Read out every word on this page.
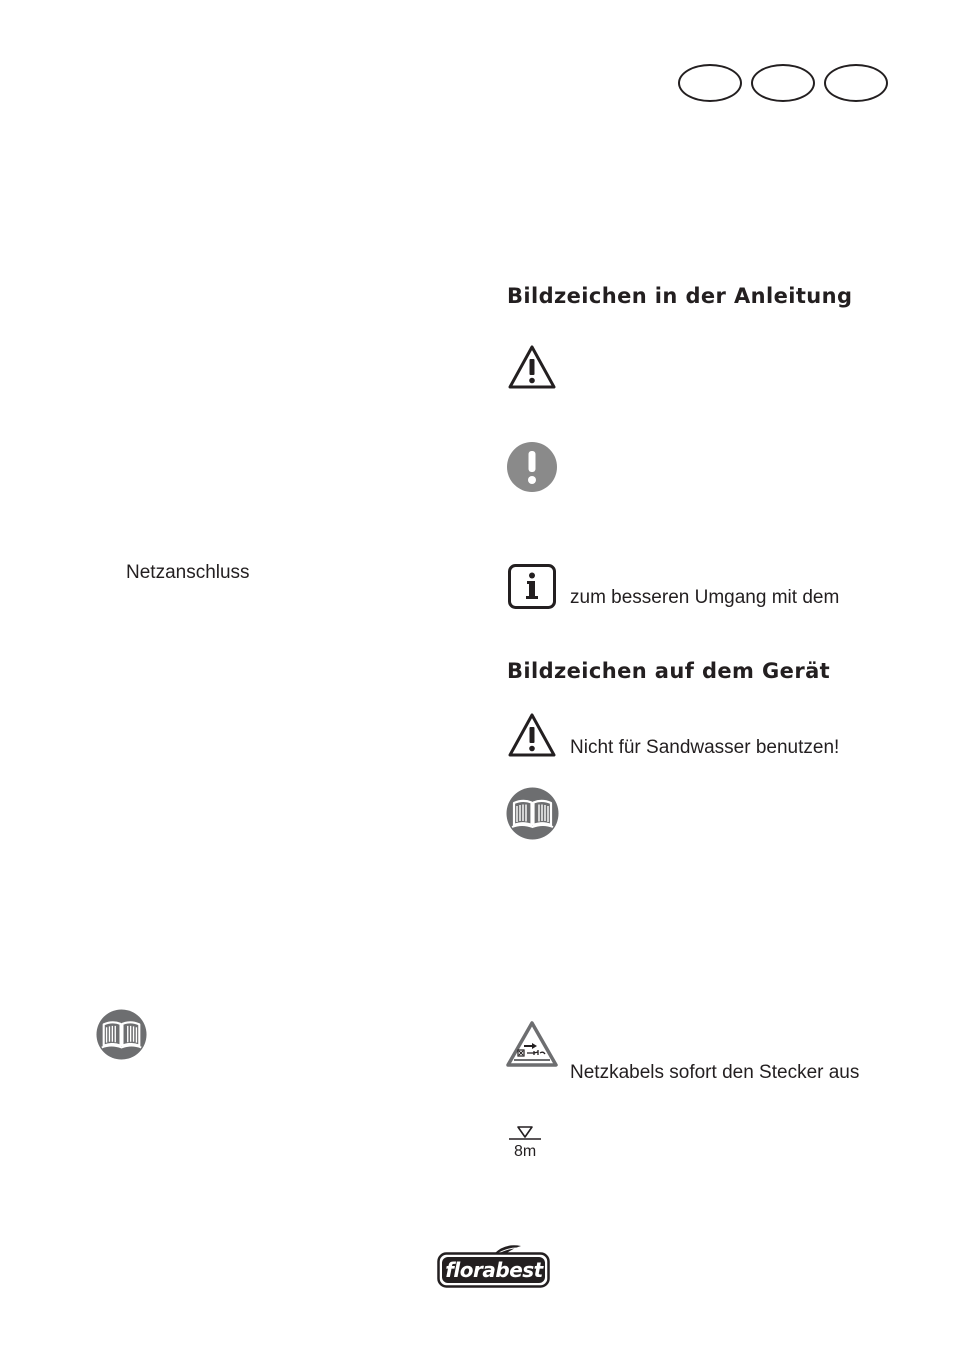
Bildzeichen in der Anleitung
Netzanschluss
zum besseren Umgang mit dem
Bildzeichen auf dem Gerät
Nicht für Sandwasser benutzen!
Netzkabels sofort den Stecker aus
8m
florabest
